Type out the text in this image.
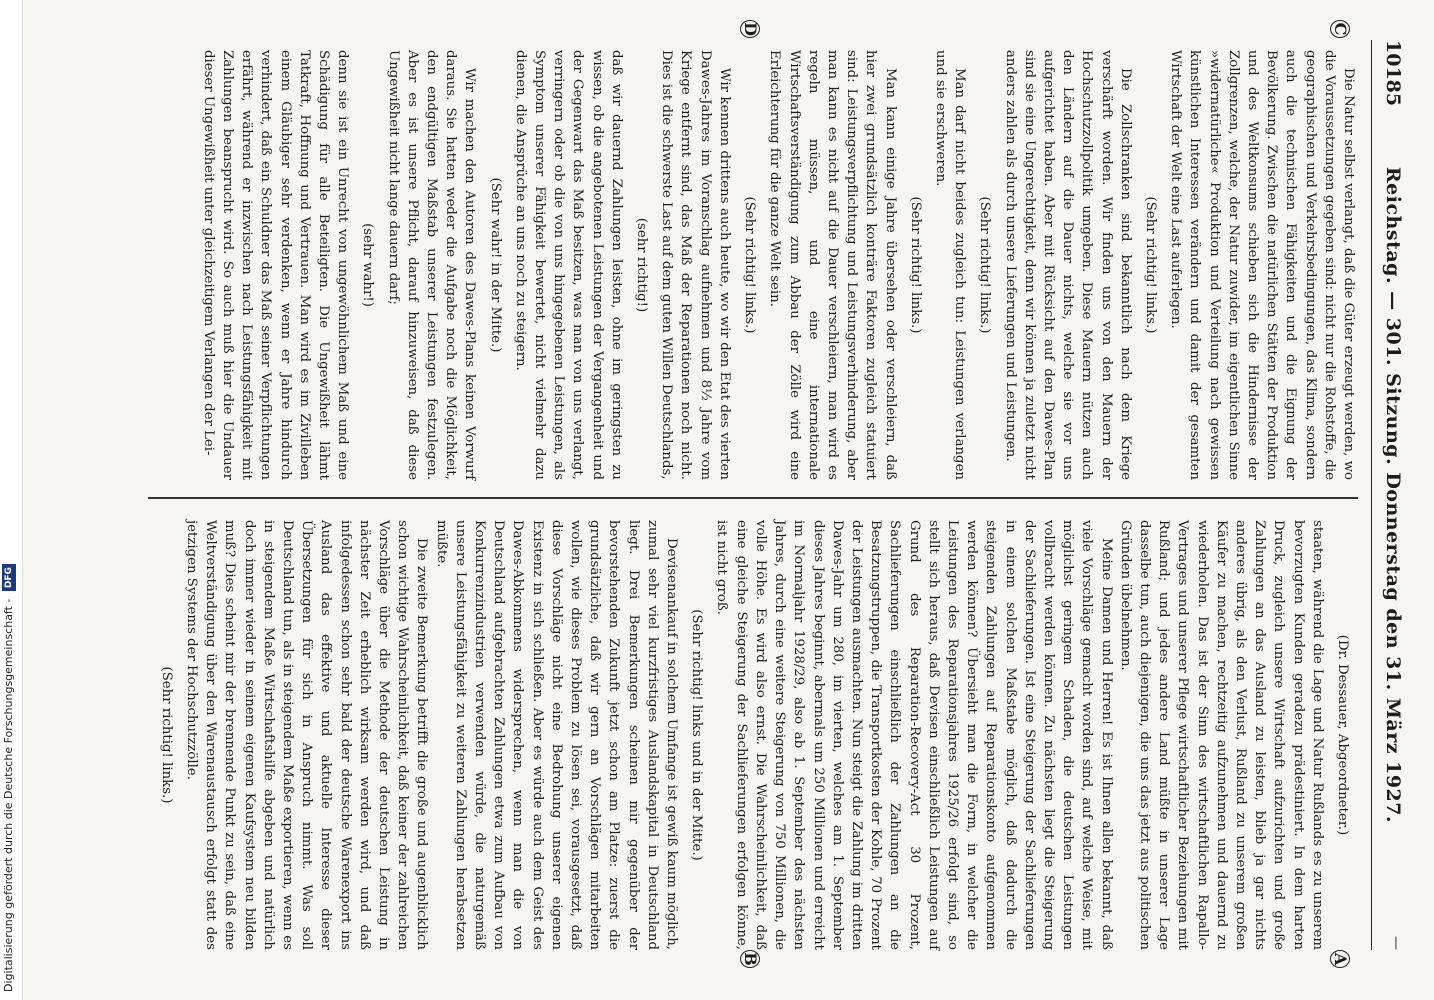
Digitalisierung gefördert durch die Deutsche Forschungsgemeinschaft - DFG
10185
Reichstag. — 301. Sitzung. Donnerstag den 31. März 1927.
—
C
D
A
B

Die Natur selbst verlangt, daß die Güter erzeugt werden, wo die Voraussetzungen gegeben sind: nicht nur die Rohstoffe, die geographischen und Verkehrsbedingungen, das Klima, sondern auch die technischen Fähigkeiten und die Eignung der Bevölkerung. Zwischen die natürlichen Stätten der Produktion und des Weltkonsums schieben sich die Hindernisse der Zollgrenzen, welche, der Natur zuwider, im eigentlichen Sinne »widernatürliche« Produktion und Verteilung nach gewissen künstlichen Interessen verändern und damit der gesamten Wirtschaft der Welt eine Last auferlegen.

(Sehr richtig! links.)

Die Zollschranken sind bekanntlich nach dem Kriege verschärft worden. Wir finden uns von den Mauern der Hochschutzzollpolitik umgeben. Diese Mauern nützen auch den Ländern auf die Dauer nichts, welche sie vor uns aufgerichtet haben. Aber mit Rücksicht auf den Dawes-Plan sind sie eine Ungerechtigkeit, denn wir können ja zuletzt nicht anders zahlen als durch unsere Lieferungen und Leistungen.

(Sehr richtig! links.)

Man darf nicht beides zugleich tun: Leistungen verlangen und sie erschweren.

(Sehr richtig! links.)

Man kann einige Jahre übersehen oder verschleiern, daß hier zwei grundsätzlich konträre Faktoren zugleich statuiert sind: Leistungsverpflichtung und Leistungsverhinderung, aber man kann es nicht auf die Dauer verschleiern, man wird es regeln müssen, und eine internationale Wirtschaftsverständigung zum Abbau der Zölle wird eine Erleichterung für die ganze Welt sein.

(Sehr richtig! links.)

Wir kennen drittens auch heute, wo wir den Etat des vierten Dawes-Jahres im Voranschlag aufnehmen und 8½ Jahre vom Kriege entfernt sind, das Maß der Reparationen noch nicht. Dies ist die schwerste Last auf dem guten Willen Deutschlands,

(sehr richtig!)

daß wir dauernd Zahlungen leisten, ohne im geringsten zu wissen, ob die angebotenen Leistungen der Vergangenheit und der Gegenwart das Maß besitzen, was man von uns verlangt, verringern oder ob die von uns hingegebenen Leistungen, als Symptom unserer Fähigkeit bewertet, nicht vielmehr dazu dienen, die Ansprüche an uns noch zu steigern.

(Sehr wahr! in der Mitte.)

Wir machen den Autoren des Dawes-Plans keinen Vorwurf daraus. Sie hatten weder die Aufgabe noch die Möglichkeit, den endgültigen Maßstab unserer Leistungen festzulegen. Aber es ist unsere Pflicht, darauf hinzuweisen, daß diese Ungewißheit nicht lange dauern darf;

(sehr wahr!)

denn sie ist ein Unrecht von ungewöhnlichem Maß und eine Schädigung für alle Beteiligten. Die Ungewißheit lähmt Tatkraft, Hoffnung und Vertrauen. Man wird es im Zivilleben einem Gläubiger sehr verdenken, wenn er Jahre hindurch verhindert, daß ein Schuldner das Maß seiner Verpflichtungen erfährt, während er inzwischen nach Leistungsfähigkeit mit Zahlungen beansprucht wird. So auch muß hier die Undauer dieser Ungewißheit unter gleichzeitigem Verlangen der Lei-

(Dr. Dessauer, Abgeordneter.)

staaten, während die Lage und Natur Rußlands es zu unserem bevorzugten Kunden geradezu prädestiniert. In dem harten Druck, zugleich unsere Wirtschaft aufzurichten und große Zahlungen an das Ausland zu leisten, blieb ja gar nichts anderes übrig, als den Verlust, Rußland zu unserem großen Käufer zu machen, rechtzeitig aufzunehmen und dauernd zu wiederholen. Das ist der Sinn des wirtschaftlichen Rapallo-Vertrages und unserer Pflege wirtschaftlicher Beziehungen mit Rußland; und jedes andere Land müßte in unserer Lage dasselbe tun, auch diejenigen, die uns das jetzt aus politischen Gründen übelnehmen.

Meine Damen und Herren! Es ist Ihnen allen bekannt, daß viele Vorschläge gemacht worden sind, auf welche Weise, mit möglichst geringem Schaden, die deutschen Leistungen vollbracht werden können. Zu nächsten liegt die Steigerung der Sachlieferungen. Ist eine Steigerung der Sachlieferungen in einem solchen Maßstabe möglich, daß dadurch die steigenden Zahlungen auf Reparationskonto aufgenommen werden können? Übersieht man die Form, in welcher die Leistungen des Reparationsjahres 1925/26 erfolgt sind, so stellt sich heraus, daß Devisen einschließlich Leistungen auf Grund des Reparation-Recovery-Act 30 Prozent, Sachlieferungen einschließlich der Zahlungen an die Besatzungstruppen, die Transportkosten der Kohle, 70 Prozent der Leistungen ausmachten. Nun steigt die Zahlung im dritten Dawes-Jahr um 280, im vierten, welches am 1. September dieses Jahres beginnt, abermals um 250 Millionen und erreicht im Normaljahr 1928/29, also ab 1. September des nächsten Jahres, durch eine weitere Steigerung von 750 Millionen, die volle Höhe. Es wird also ernst. Die Wahrscheinlichkeit, daß eine gleiche Steigerung der Sachlieferungen erfolgen könne, ist nicht groß.

(Sehr richtig! links und in der Mitte.)

Devisenankauf in solchem Umfange ist gewiß kaum möglich, zumal sehr viel kurzfristiges Auslandskapital in Deutschland liegt. Drei Bemerkungen scheinen mir gegenüber der bevorstehenden Zukunft jetzt schon am Platze: zuerst die grundsätzliche, daß wir gern an Vorschlägen mitarbeiten wollen, wie dieses Problem zu lösen sei, vorausgesetzt, daß diese Vorschläge nicht eine Bedrohung unserer eigenen Existenz in sich schließen. Aber es würde auch dem Geist des Dawes-Abkommens widersprechen, wenn man die von Deutschland aufgebrachten Zahlungen etwa zum Aufbau von Konkurrenzindustrien verwenden würde, die naturgemäß unsere Leistungsfähigkeit zu weiteren Zahlungen herabsetzen müßte.

Die zweite Bemerkung betrifft die große und augenblicklich schon wichtige Wahrscheinlichkeit, daß keiner der zahlreichen Vorschläge über die Methode der deutschen Leistung in nächster Zeit erheblich wirksam werden wird, und daß infolgedessen schon sehr bald der deutsche Warenexport ins Ausland das effektive und aktuelle Interesse dieser Übersetzungen für sich in Anspruch nimmt. Was soll Deutschland tun, als in steigendem Maße exportieren, wenn es in steigendem Maße Wirtschaftshilfe abgeben und natürlich doch immer wieder in seinem eigenen Kaufsystem neu bilden muß? Dies scheint mir der brennende Punkt zu sein, daß eine Weltverständigung über den Warenaustausch erfolgt statt des jetzigen Systems der Hochschutzzölle.

(Sehr richtig! links.)
